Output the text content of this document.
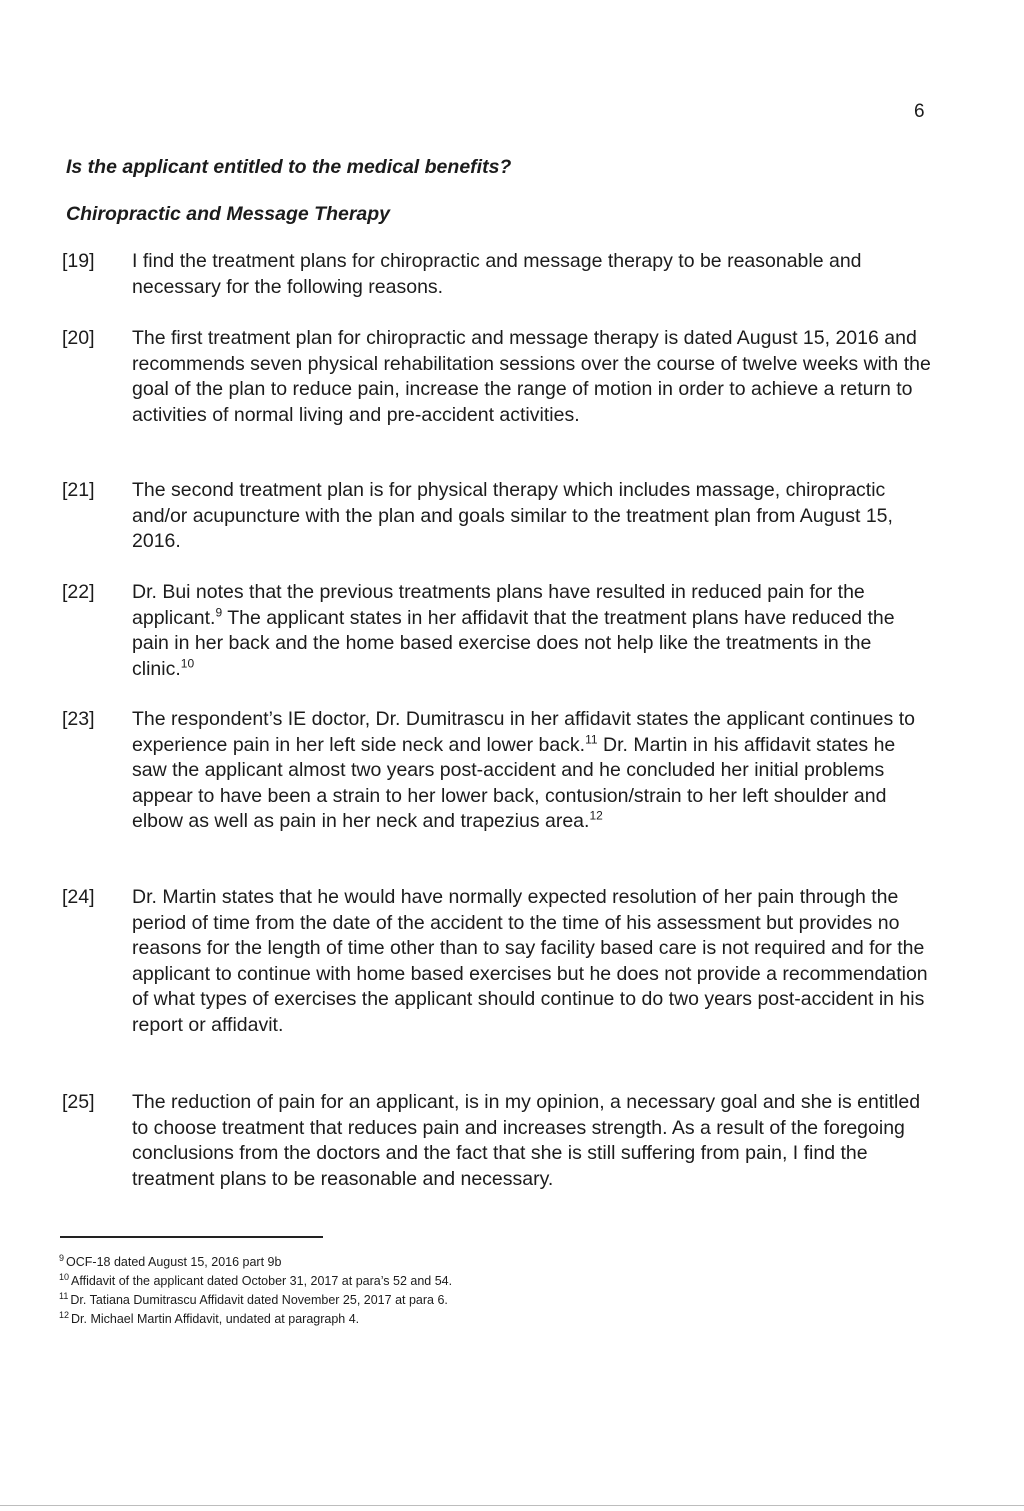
6
Is the applicant entitled to the medical benefits?
Chiropractic and Message Therapy
[19] I find the treatment plans for chiropractic and message therapy to be reasonable and necessary for the following reasons.
[20] The first treatment plan for chiropractic and message therapy is dated August 15, 2016 and recommends seven physical rehabilitation sessions over the course of twelve weeks with the goal of the plan to reduce pain, increase the range of motion in order to achieve a return to activities of normal living and pre-accident activities.
[21] The second treatment plan is for physical therapy which includes massage, chiropractic and/or acupuncture with the plan and goals similar to the treatment plan from August 15, 2016.
[22] Dr. Bui notes that the previous treatments plans have resulted in reduced pain for the applicant.$^9$ The applicant states in her affidavit that the treatment plans have reduced the pain in her back and the home based exercise does not help like the treatments in the clinic.$^{10}$
[23] The respondent’s IE doctor, Dr. Dumitrascu in her affidavit states the applicant continues to experience pain in her left side neck and lower back.$^{11}$ Dr. Martin in his affidavit states he saw the applicant almost two years post-accident and he concluded her initial problems appear to have been a strain to her lower back, contusion/strain to her left shoulder and elbow as well as pain in her neck and trapezius area.$^{12}$
[24] Dr. Martin states that he would have normally expected resolution of her pain through the period of time from the date of the accident to the time of his assessment but provides no reasons for the length of time other than to say facility based care is not required and for the applicant to continue with home based exercises but he does not provide a recommendation of what types of exercises the applicant should continue to do two years post-accident in his report or affidavit.
[25] The reduction of pain for an applicant, is in my opinion, a necessary goal and she is entitled to choose treatment that reduces pain and increases strength. As a result of the foregoing conclusions from the doctors and the fact that she is still suffering from pain, I find the treatment plans to be reasonable and necessary.
$^9$ OCF-18 dated August 15, 2016 part 9b
$^{10}$ Affidavit of the applicant dated October 31, 2017 at para’s 52 and 54.
$^{11}$ Dr. Tatiana Dumitrascu Affidavit dated November 25, 2017 at para 6.
$^{12}$ Dr. Michael Martin Affidavit, undated at paragraph 4.
